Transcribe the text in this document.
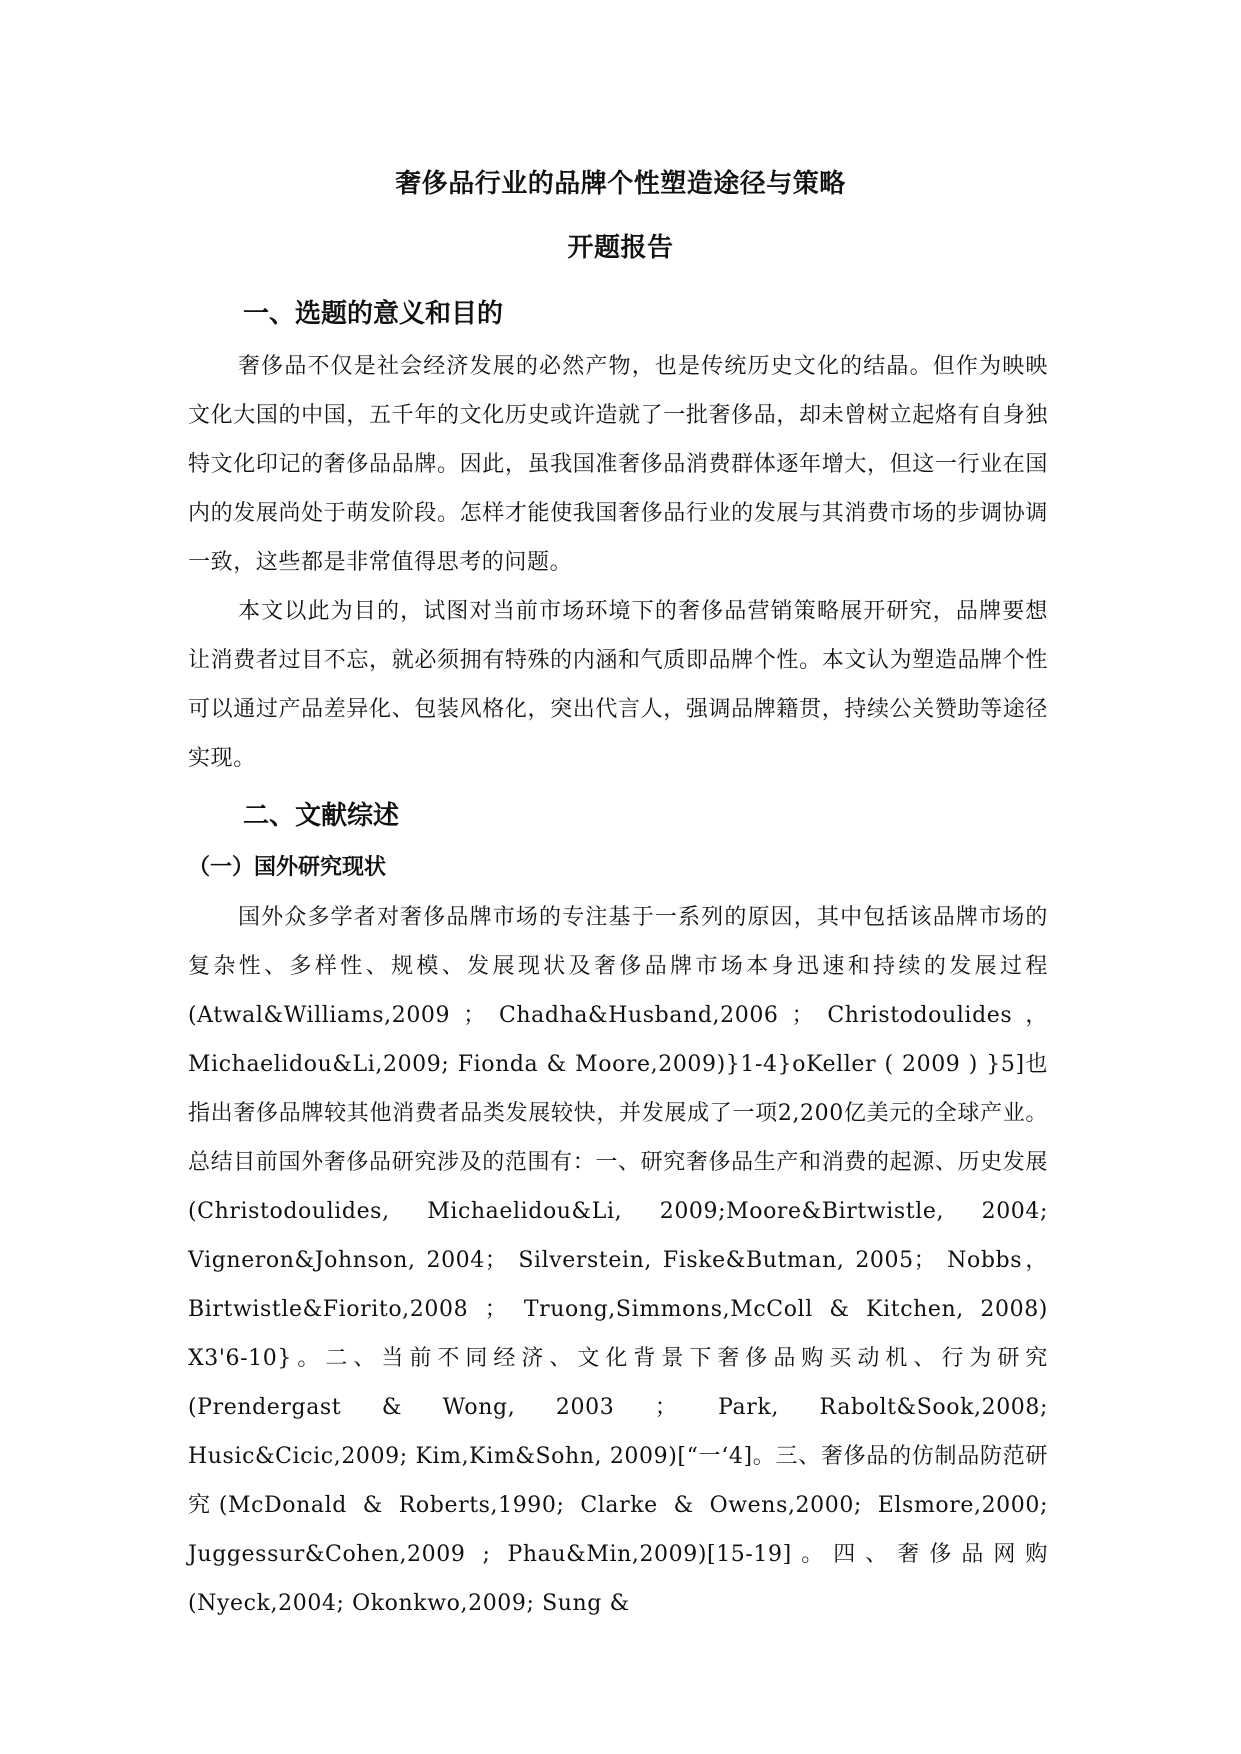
奢侈品行业的品牌个性塑造途径与策略
开题报告
一、选题的意义和目的

奢侈品不仅是社会经济发展的必然产物，也是传统历史文化的结晶。但作为映映文化大国的中国，五千年的文化历史或许造就了一批奢侈品，却未曾树立起烙有自身独特文化印记的奢侈品品牌。因此，虽我国准奢侈品消费群体逐年增大，但这一行业在国内的发展尚处于萌发阶段。怎样才能使我国奢侈品行业的发展与其消费市场的步调协调一致，这些都是非常值得思考的问题。

本文以此为目的，试图对当前市场环境下的奢侈品营销策略展开研究，品牌要想让消费者过目不忘，就必须拥有特殊的内涵和气质即品牌个性。本文认为塑造品牌个性可以通过产品差异化、包装风格化，突出代言人，强调品牌籍贯，持续公关赞助等途径实现。

二、文献综述
（一）国外研究现状

国外众多学者对奢侈品牌市场的专注基于一系列的原因，其中包括该品牌市场的复杂性、多样性、规模、发展现状及奢侈品牌市场本身迅速和持续的发展过程 (Atwal&Williams,2009 ； Chadha&Husband,2006 ； Christodoulides ，Michaelidou&Li,2009; Fionda & Moore,2009)}1-4}oKeller ( 2009 ) }5]也指出奢侈品牌较其他消费者品类发展较快，并发展成了一项2,200亿美元的全球产业。总结目前国外奢侈品研究涉及的范围有：一、研究奢侈品生产和消费的起源、历史发展 (Christodoulides, Michaelidou&Li, 2009;Moore&Birtwistle, 2004; Vigneron&Johnson, 2004； Silverstein, Fiske&Butman, 2005； Nobbs，Birtwistle&Fiorito,2008 ； Truong,Simmons,McColl & Kitchen, 2008) X3'6-10}。二、当前不同经济、文化背景下奢侈品购买动机、行为研究(Prendergast & Wong, 2003 ； Park, Rabolt&Sook,2008; Husic&Cicic,2009; Kim,Kim&Sohn, 2009)[“一‘4]。三、奢侈品的仿制品防范研究(McDonald & Roberts,1990; Clarke & Owens,2000; Elsmore,2000; Juggessur&Cohen,2009 ; Phau&Min,2009)[15-19]。四、奢侈品网购(Nyeck,2004; Okonkwo,2009; Sung &
